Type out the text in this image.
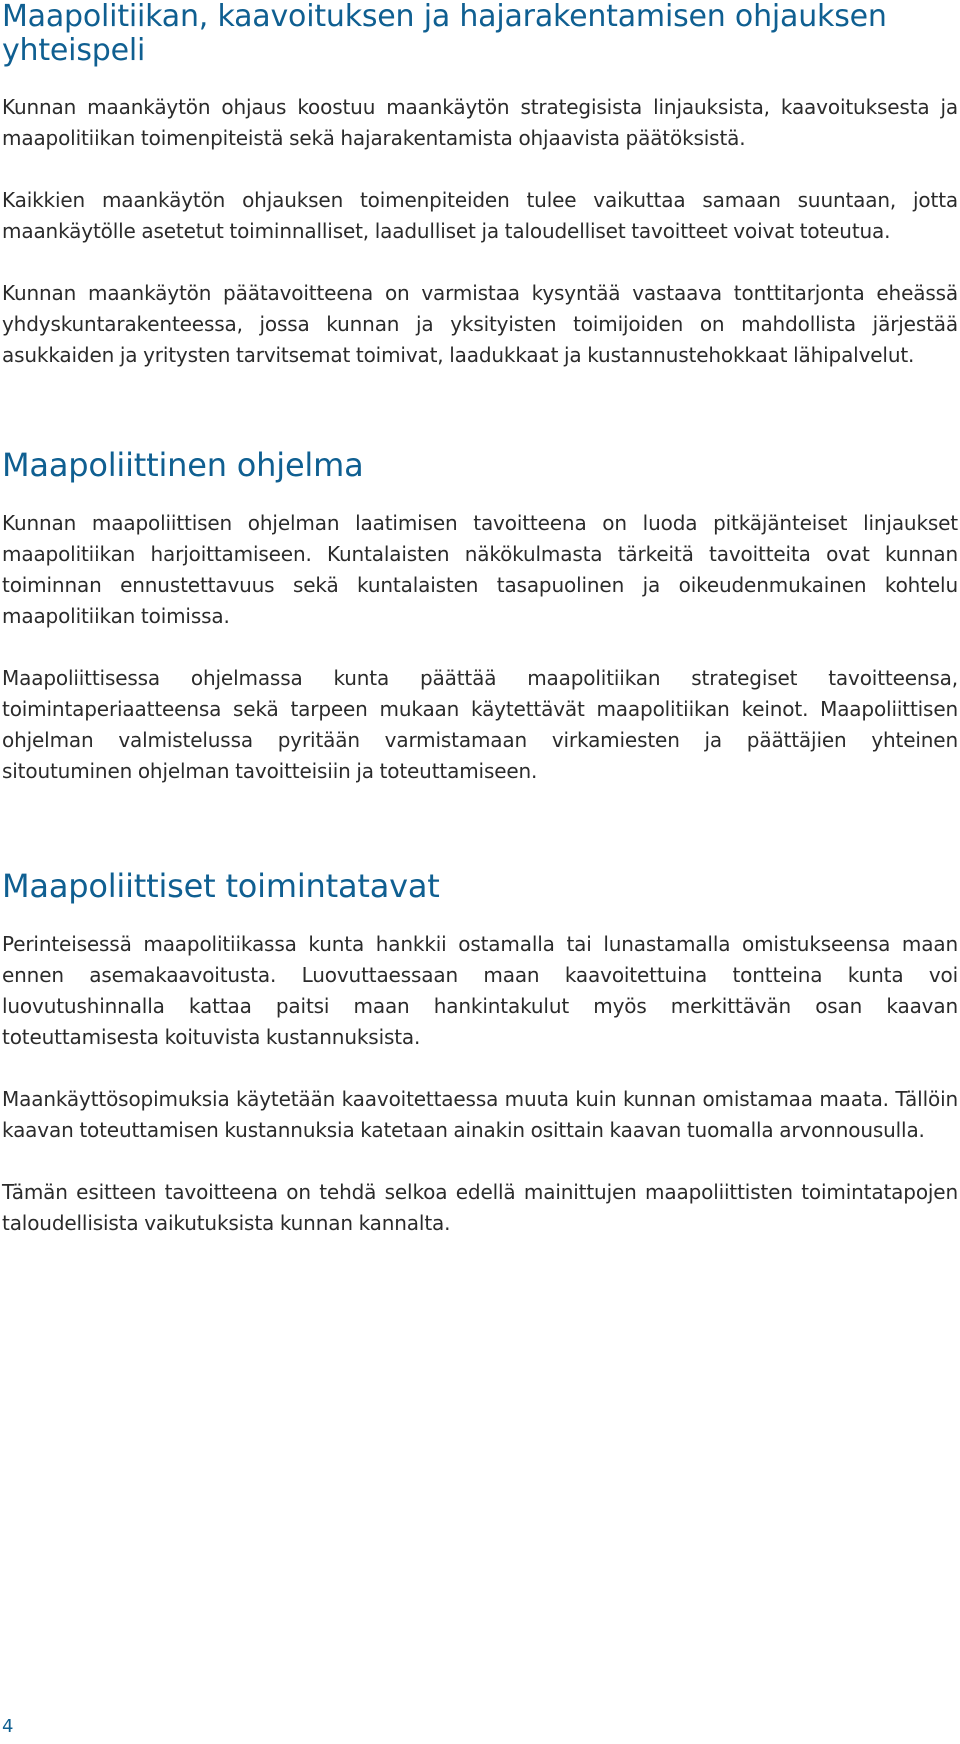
Maapolitiikan, kaavoituksen ja hajarakentamisen ohjauksen yhteispeli

Kunnan maankäytön ohjaus koostuu maankäytön strategisista linjauksista, kaavoituksesta ja maapolitiikan toimenpiteistä sekä hajarakentamista ohjaavista päätöksistä.

Kaikkien maankäytön ohjauksen toimenpiteiden tulee vaikuttaa samaan suuntaan, jotta maankäytölle asetetut toiminnalliset, laadulliset ja taloudelliset tavoitteet voivat toteutua.

Kunnan maankäytön päätavoitteena on varmistaa kysyntää vastaava tonttitarjonta eheässä yhdyskuntarakenteessa, jossa kunnan ja yksityisten toimijoiden on mahdollista järjestää asukkaiden ja yritysten tarvitsemat toimivat, laadukkaat ja kustannustehokkaat lähipalvelut.

Maapoliittinen ohjelma

Kunnan maapoliittisen ohjelman laatimisen tavoitteena on luoda pitkäjänteiset linjaukset maapolitiikan harjoittamiseen. Kuntalaisten näkökulmasta tärkeitä tavoitteita ovat kunnan toiminnan ennustettavuus sekä kuntalaisten tasapuolinen ja oikeudenmukainen kohtelu maapolitiikan toimissa.

Maapoliittisessa ohjelmassa kunta päättää maapolitiikan strategiset tavoitteensa, toimintaperiaatteensa sekä tarpeen mukaan käytettävät maapolitiikan keinot. Maapoliittisen ohjelman valmistelussa pyritään varmistamaan virkamiesten ja päättäjien yhteinen sitoutuminen ohjelman tavoitteisiin ja toteuttamiseen.

Maapoliittiset toimintatavat

Perinteisessä maapolitiikassa kunta hankkii ostamalla tai lunastamalla omistukseensa maan ennen asemakaavoitusta. Luovuttaessaan maan kaavoitettuina tontteina kunta voi luovutushinnalla kattaa paitsi maan hankintakulut myös merkittävän osan kaavan toteuttamisesta koituvista kustannuksista.

Maankäyttösopimuksia käytetään kaavoitettaessa muuta kuin kunnan omistamaa maata. Tällöin kaavan toteuttamisen kustannuksia katetaan ainakin osittain kaavan tuomalla arvonnousulla.

Tämän esitteen tavoitteena on tehdä selkoa edellä mainittujen maapoliittisten toimintatapojen taloudellisista vaikutuksista kunnan kannalta.

4
